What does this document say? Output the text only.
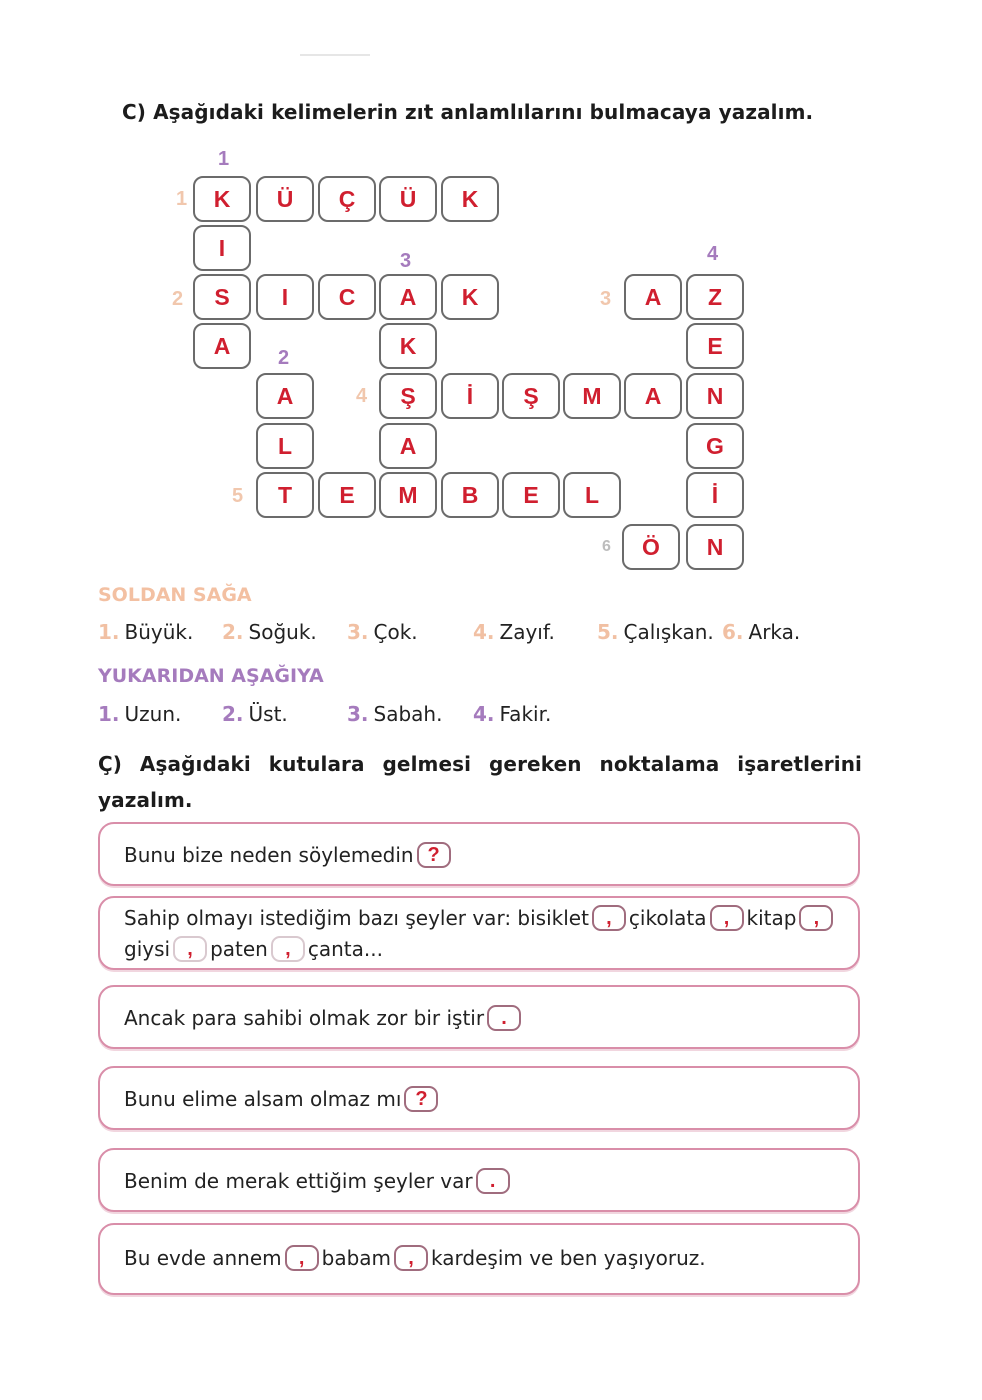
C) Aşağıdaki kelimelerin zıt anlamlılarını bulmacaya yazalım.
1
2
3	4
1
2	3
4
5
6
K	Ü	Ç	Ü	K
I
S	I	C	A	K	A	Z
A	K	E
A	Ş	İ	Ş	M	A	N
L	A	G
T	E	M	B	E	L	İ
Ö	N
SOLDAN SAĞA
1. Büyük. 2. Soğuk. 3. Çok.	4. Zayıf. 5. Çalışkan. 6. Arka.
YUKARIDAN AŞAĞIYA
1. Uzun. 2. Üst.	3. Sabah. 4. Fakir.
Ç) Aşağıdaki kutulara gelmesi gereken noktalama işaretlerini yazalım.
Bunu bize neden söylemedin ?
Sahip olmayı istediğim bazı şeyler var: bisiklet , çikolata , kitap ,
giysi , paten , çanta...
Ancak para sahibi olmak zor bir iştir .
Bunu elime alsam olmaz mı ?
Benim de merak ettiğim şeyler var .
Bu evde annem , babam , kardeşim ve ben yaşıyoruz.
